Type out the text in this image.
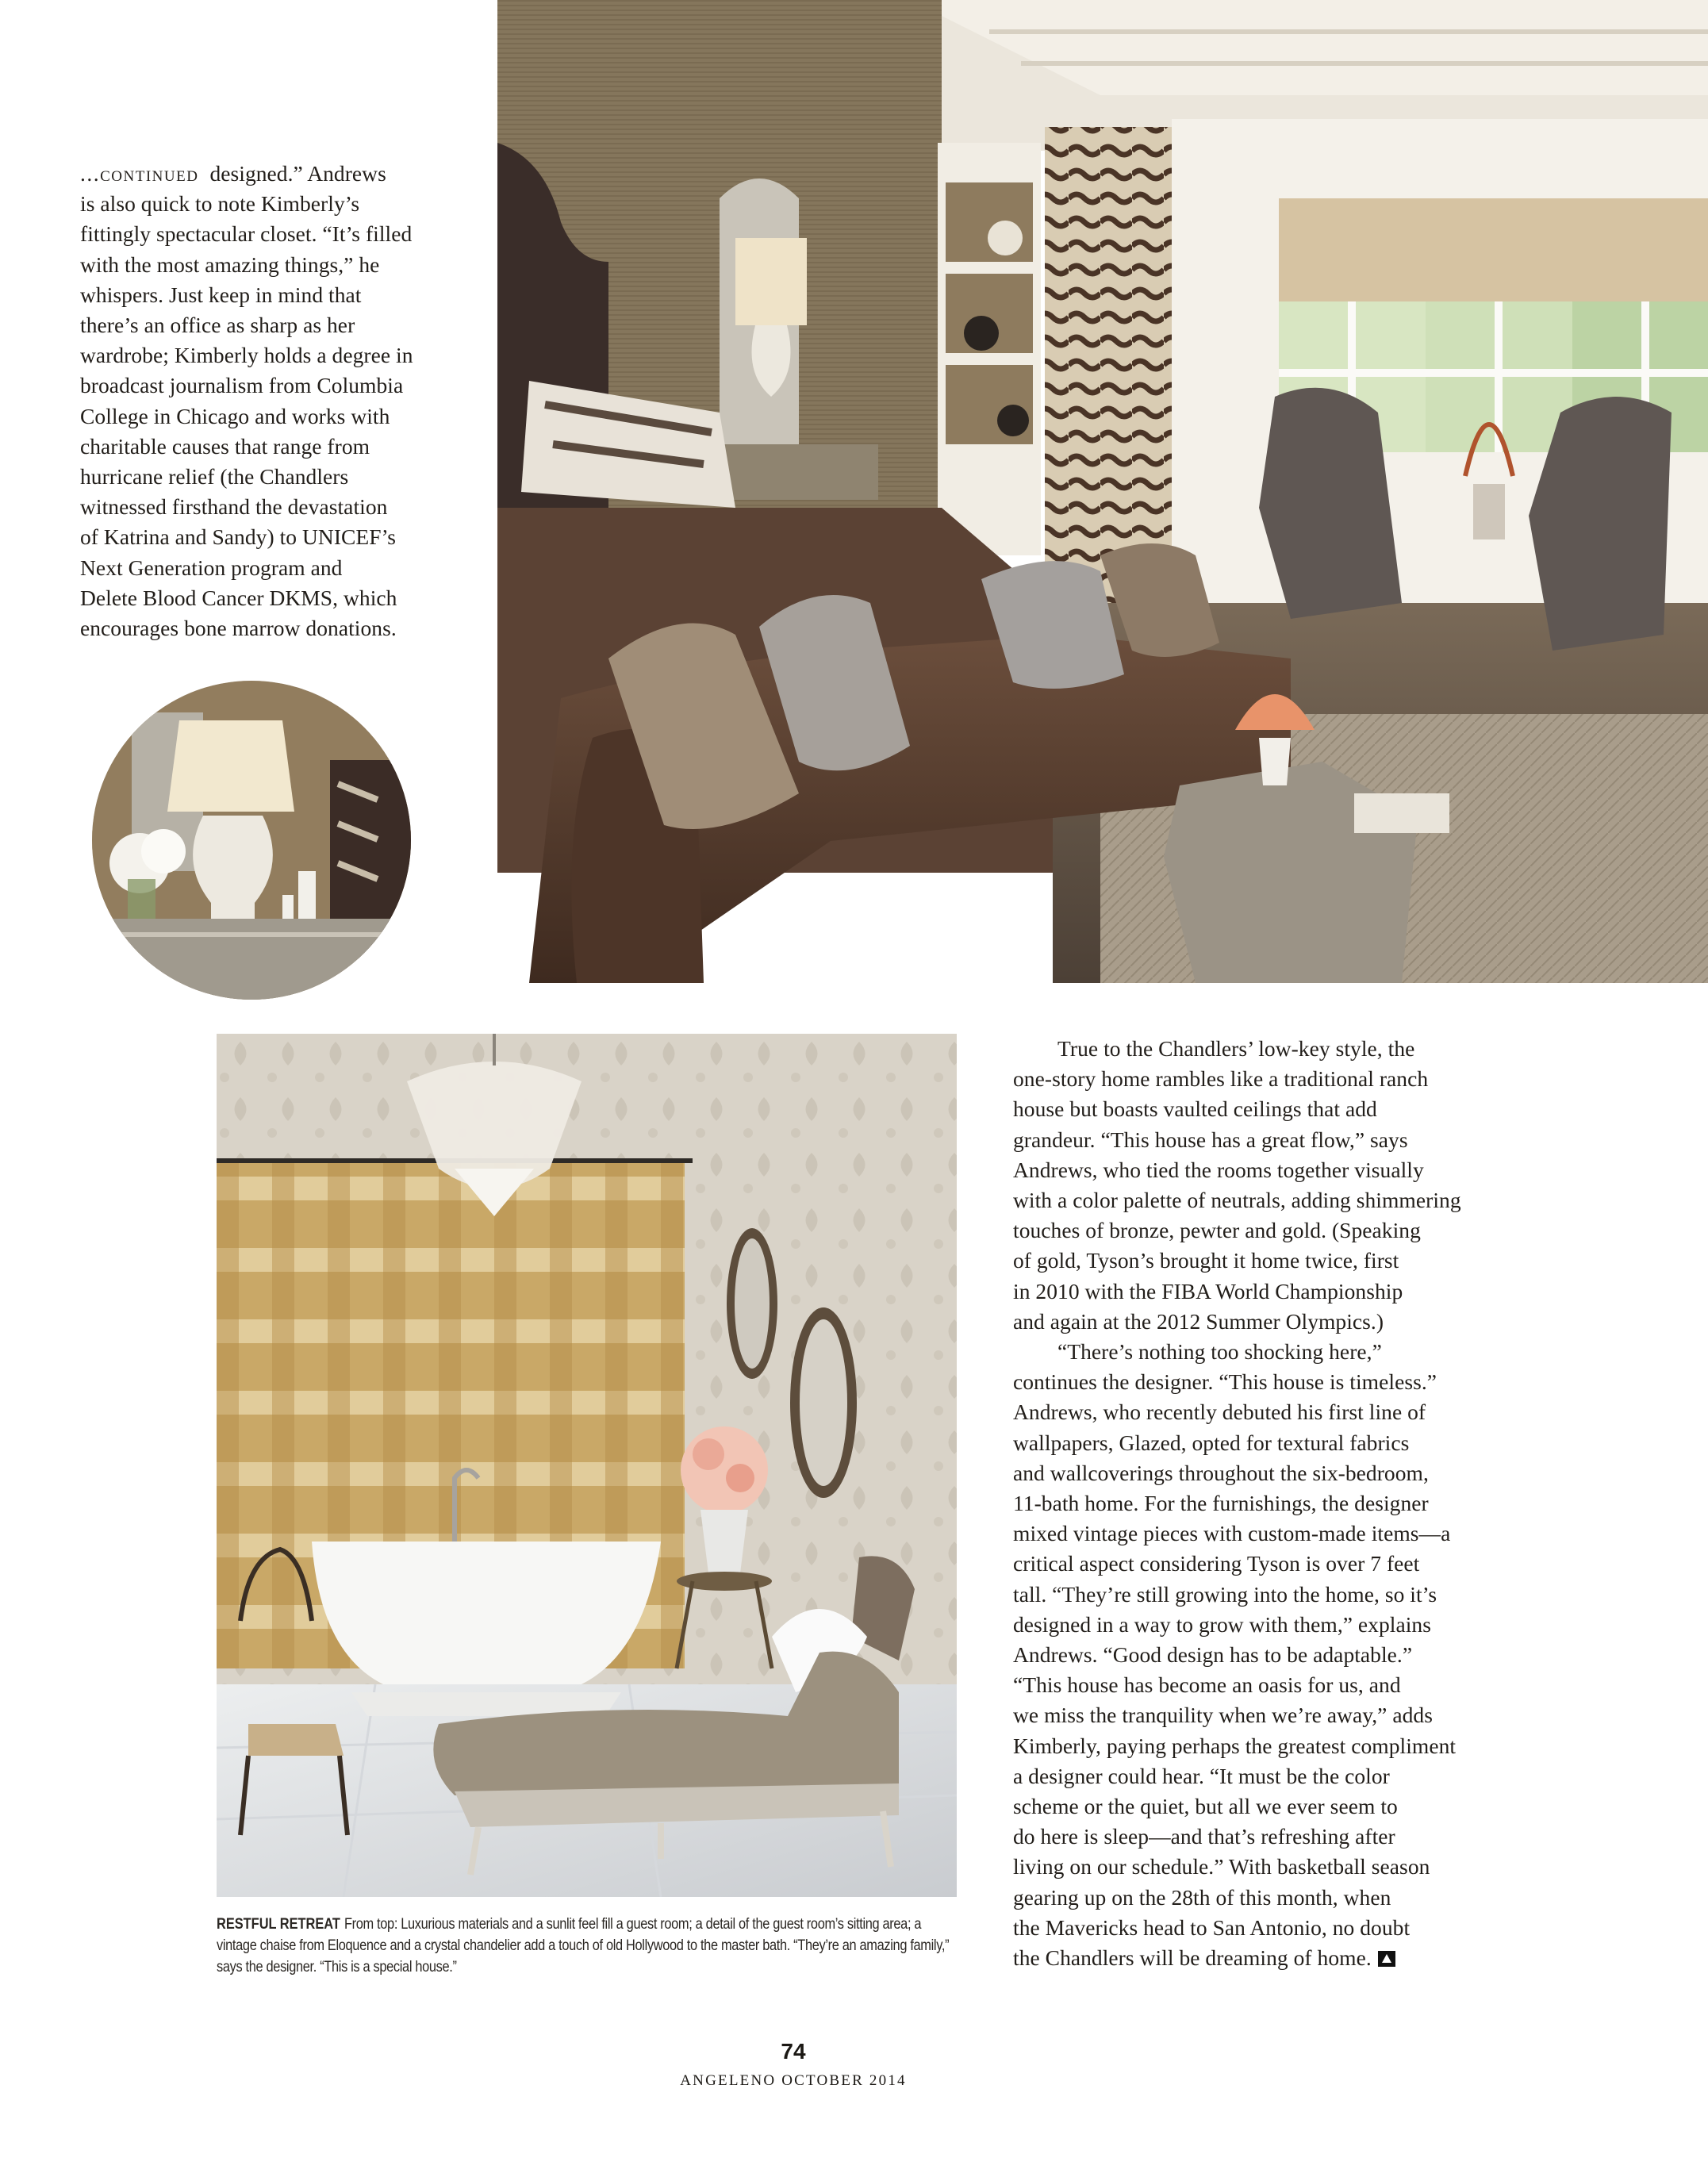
...continued designed.” Andrews
is also quick to note Kimberly’s
fittingly spectacular closet. “It’s filled
with the most amazing things,” he
whispers. Just keep in mind that
there’s an office as sharp as her
wardrobe; Kimberly holds a degree in
broadcast journalism from Columbia
College in Chicago and works with
charitable causes that range from
hurricane relief (the Chandlers
witnessed firsthand the devastation
of Katrina and Sandy) to UNICEF’s
Next Generation program and
Delete Blood Cancer DKMS, which
encourages bone marrow donations.

RESTFUL RETREAT From top: Luxurious materials and a sunlit feel fill a guest room; a detail of the guest room’s sitting area; a vintage chaise from Eloquence and a crystal chandelier add a touch of old Hollywood to the master bath. “They’re an amazing family,” says the designer. “This is a special house.”

True to the Chandlers’ low-key style, the
one-story home rambles like a traditional ranch
house but boasts vaulted ceilings that add
grandeur. “This house has a great flow,” says
Andrews, who tied the rooms together visually
with a color palette of neutrals, adding shimmering
touches of bronze, pewter and gold. (Speaking
of gold, Tyson’s brought it home twice, first
in 2010 with the FIBA World Championship
and again at the 2012 Summer Olympics.)

“There’s nothing too shocking here,”
continues the designer. “This house is timeless.”
Andrews, who recently debuted his first line of
wallpapers, Glazed, opted for textural fabrics
and wallcoverings throughout the six-bedroom,
11-bath home. For the furnishings, the designer
mixed vintage pieces with custom-made items—a
critical aspect considering Tyson is over 7 feet
tall. “They’re still growing into the home, so it’s
designed in a way to grow with them,” explains
Andrews. “Good design has to be adaptable.”
“This house has become an oasis for us, and
we miss the tranquility when we’re away,” adds
Kimberly, paying perhaps the greatest compliment
a designer could hear. “It must be the color
scheme or the quiet, but all we ever seem to
do here is sleep—and that’s refreshing after
living on our schedule.” With basketball season
gearing up on the 28th of this month, when
the Mavericks head to San Antonio, no doubt
the Chandlers will be dreaming of home.

74
ANGELENO OCTOBER 2014
